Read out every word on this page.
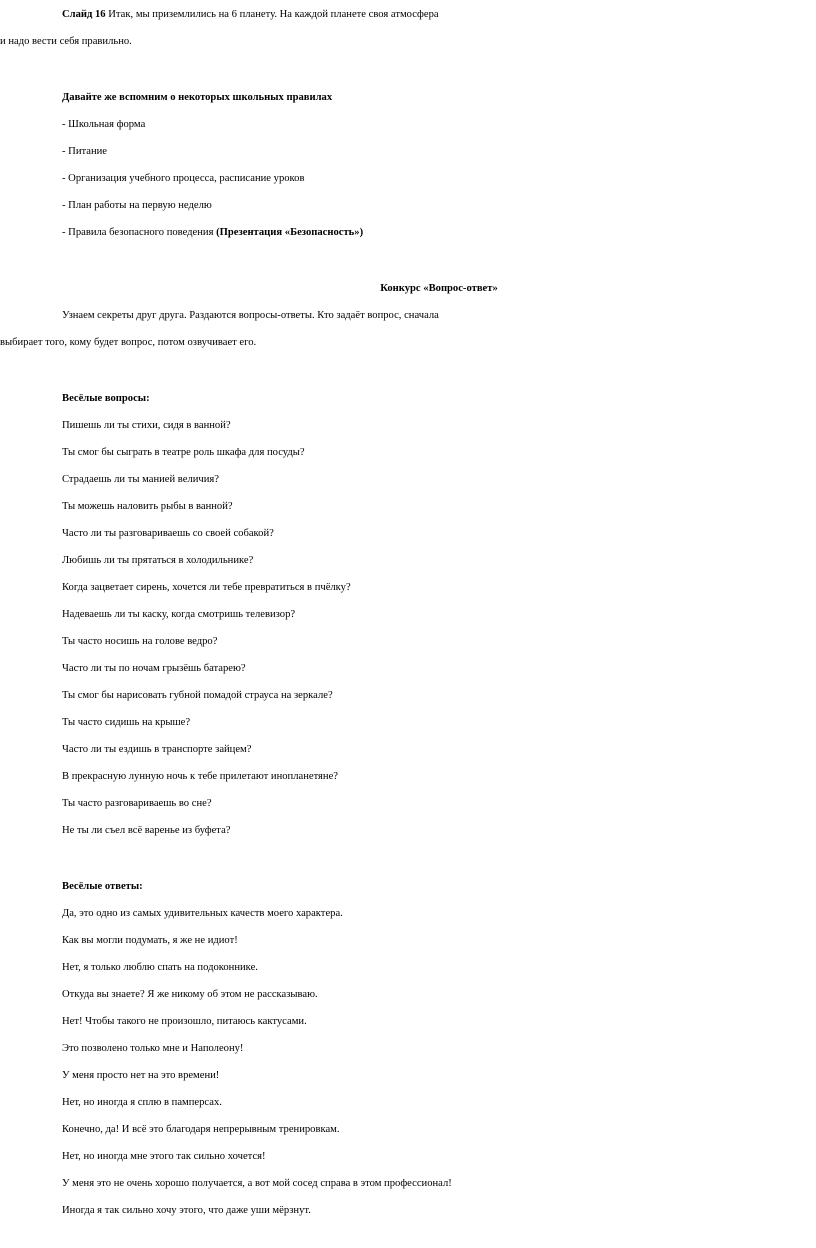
Слайд 16 Итак, мы приземлились на 6 планету. На каждой планете своя атмосфера
и надо вести себя правильно.
Давайте же вспомним о некоторых школьных правилах
- Школьная форма
- Питание
- Организация учебного процесса, расписание уроков
- План работы на первую неделю
- Правила безопасного поведения (Презентация «Безопасность»)
Конкурс «Вопрос-ответ»
Узнаем секреты друг друга. Раздаются вопросы-ответы. Кто задаёт вопрос, сначала
выбирает того, кому будет вопрос, потом озвучивает его.
Весёлые вопросы:
Пишешь ли ты стихи, сидя в ванной?
Ты смог бы сыграть в театре роль шкафа для посуды?
Страдаешь ли ты манией величия?
Ты можешь наловить рыбы в ванной?
Часто ли ты разговариваешь со своей собакой?
Любишь ли ты прятаться в холодильнике?
Когда зацветает сирень, хочется ли тебе превратиться в пчёлку?
Надеваешь ли ты каску, когда смотришь телевизор?
Ты часто носишь на голове ведро?
Часто ли ты по ночам грызёшь батарею?
Ты смог бы нарисовать губной помадой страуса на зеркале?
Ты часто сидишь на крыше?
Часто ли ты ездишь в транспорте зайцем?
В прекрасную лунную ночь к тебе прилетают инопланетяне?
Ты часто разговариваешь во сне?
Не ты ли съел всё варенье из буфета?
Весёлые ответы:
Да, это одно из самых удивительных качеств моего характера.
Как вы могли подумать, я же не идиот!
Нет, я только люблю спать на подоконнике.
Откуда вы знаете? Я же никому об этом не рассказываю.
Нет! Чтобы такого не произошло, питаюсь кактусами.
Это позволено только мне и Наполеону!
У меня просто нет на это времени!
Нет, но иногда я сплю в памперсах.
Конечно, да! И всё это благодаря непрерывным тренировкам.
Нет, но иногда мне этого так сильно хочется!
У меня это не очень хорошо получается, а вот мой сосед справа в этом профессионал!
Иногда я так сильно хочу этого, что даже уши мёрзнут.
